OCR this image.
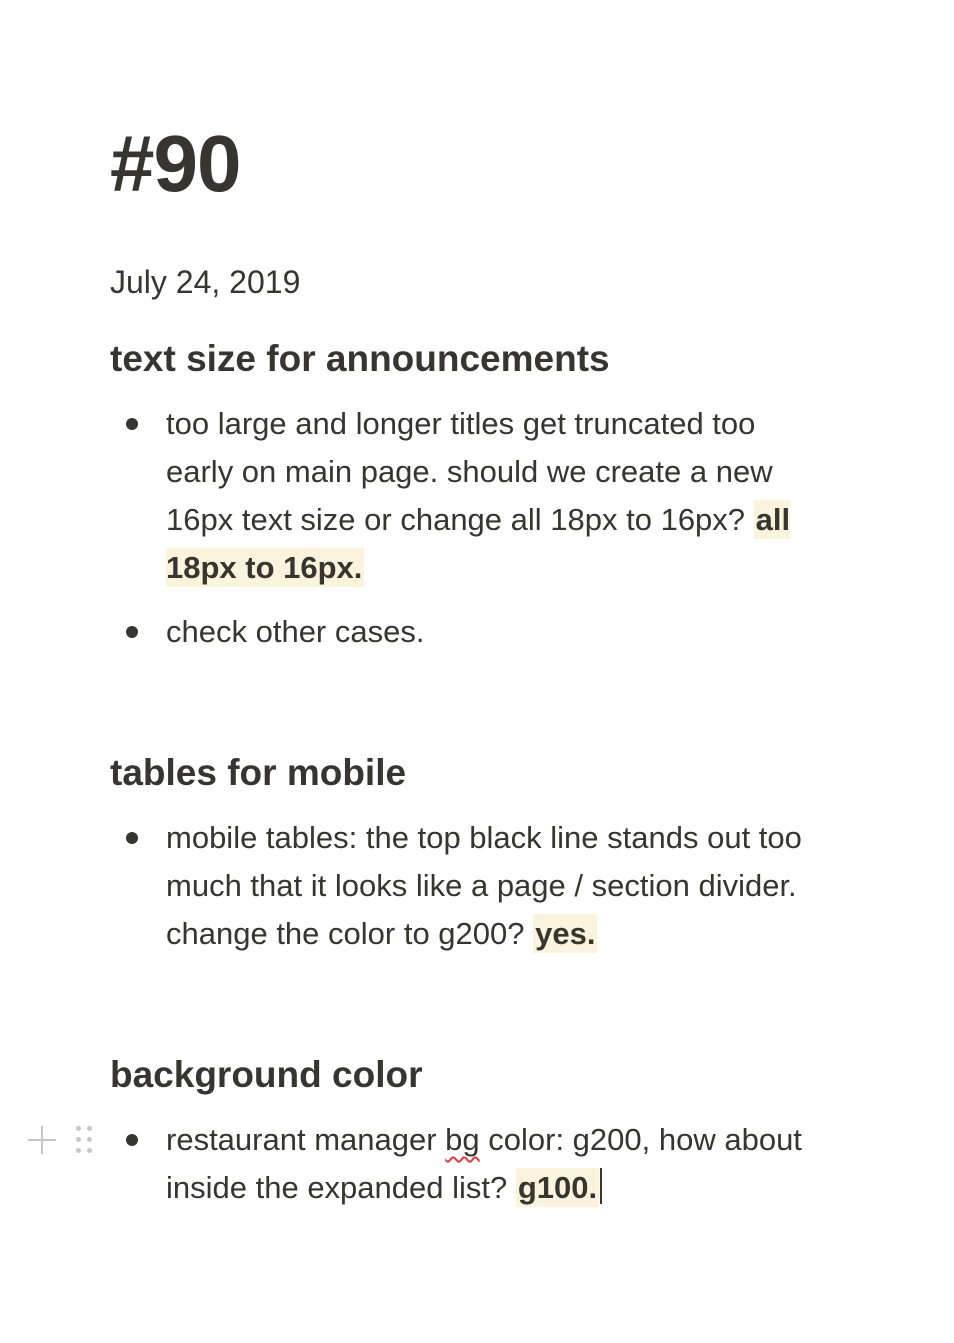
#90
July 24, 2019
text size for announcements
too large and longer titles get truncated too early on main page. should we create a new 16px text size or change all 18px to 16px? all 18px to 16px.
check other cases.
tables for mobile
mobile tables: the top black line stands out too much that it looks like a page / section divider. change the color to g200? yes.
background color
restaurant manager bg color: g200, how about inside the expanded list? g100.
